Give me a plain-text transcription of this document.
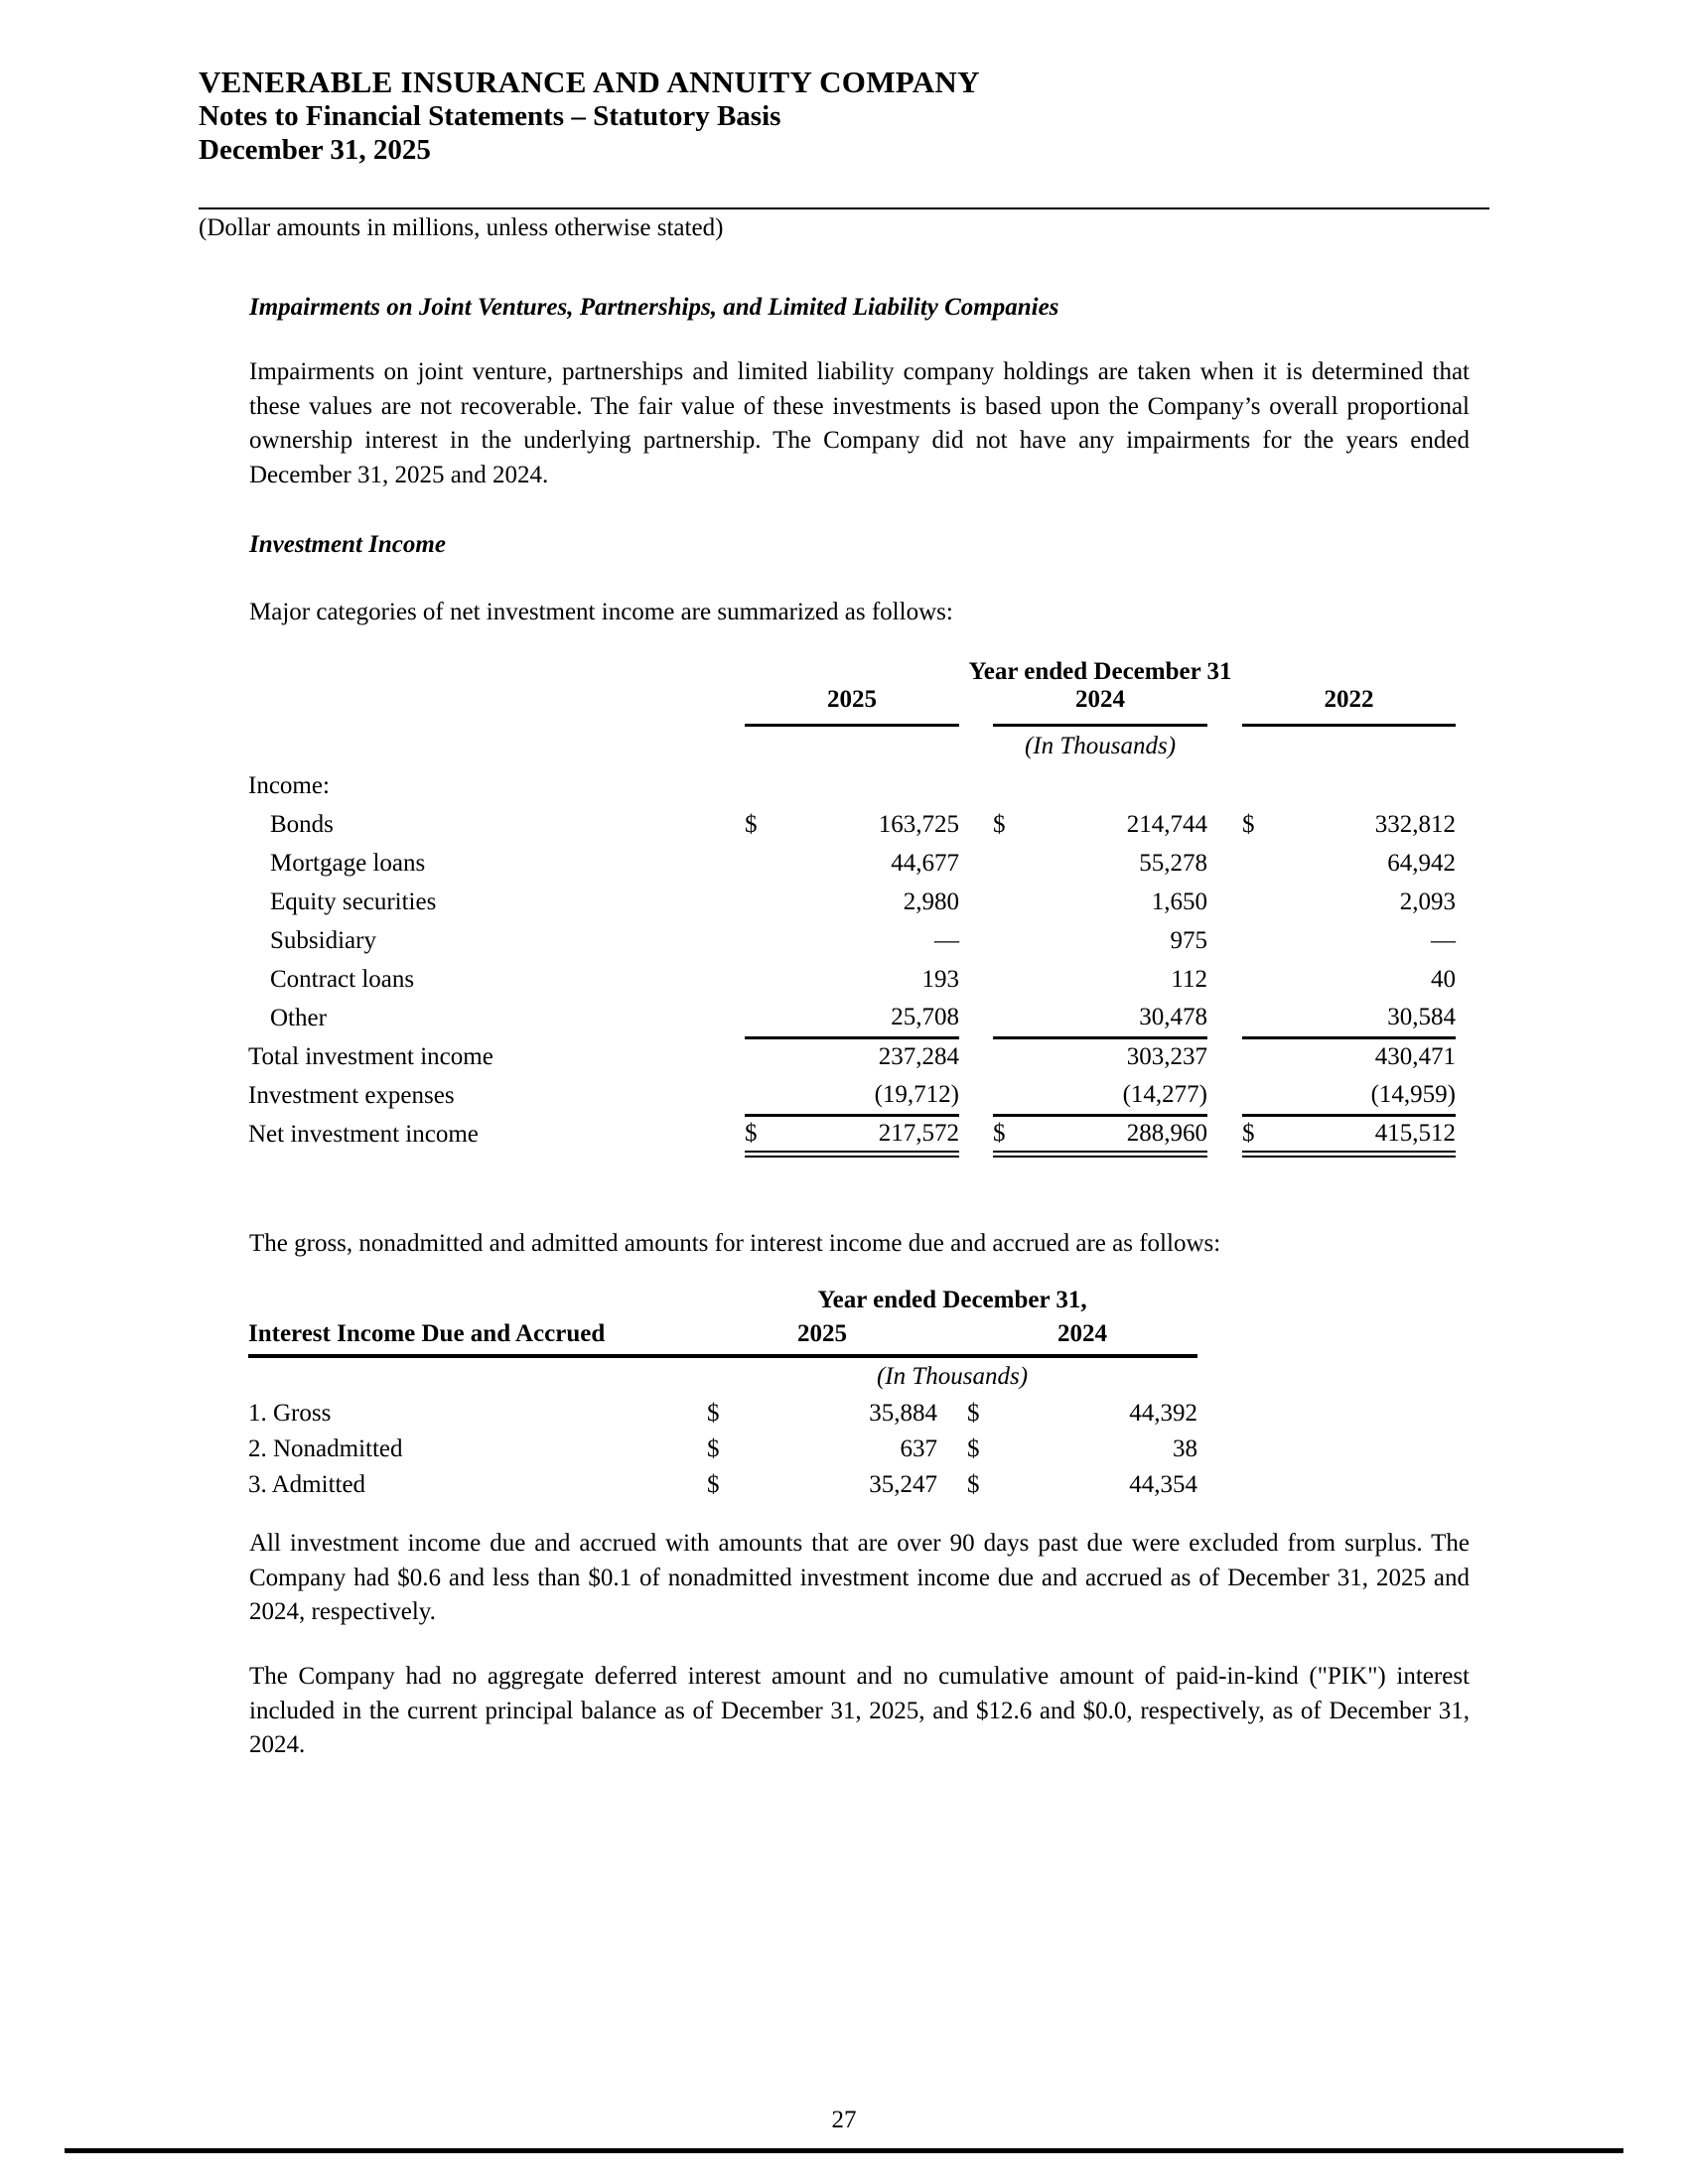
VENERABLE INSURANCE AND ANNUITY COMPANY
Notes to Financial Statements – Statutory Basis
December 31, 2025
(Dollar amounts in millions, unless otherwise stated)
Impairments on Joint Ventures, Partnerships, and Limited Liability Companies
Impairments on joint venture, partnerships and limited liability company holdings are taken when it is determined that these values are not recoverable. The fair value of these investments is based upon the Company’s overall proportional ownership interest in the underlying partnership. The Company did not have any impairments for the years ended December 31, 2025 and 2024.
Investment Income
Major categories of net investment income are summarized as follows:
	Year ended December 31							
	2025			2024			2022	
	(In Thousands)							
Income:								
Bonds	$	163,725		$	214,744		$	332,812
Mortgage loans		44,677			55,278			64,942
Equity securities		2,980			1,650			2,093
Subsidiary		—			975			—
Contract loans		193			112			40
Other		25,708			30,478			30,584
Total investment income		237,284			303,237			430,471
Investment expenses		(19,712)			(14,277)			(14,959)
Net investment income	$	217,572		$	288,960		$	415,512
The gross, nonadmitted and admitted amounts for interest income due and accrued are as follows:
	Year ended December 31,				
Interest Income Due and Accrued	2025			2024	
	(In Thousands)				
1. Gross	$	35,884		$	44,392
2. Nonadmitted	$	637		$	38
3. Admitted	$	35,247		$	44,354
All investment income due and accrued with amounts that are over 90 days past due were excluded from surplus. The Company had $0.6 and less than $0.1 of nonadmitted investment income due and accrued as of December 31, 2025 and 2024, respectively.
The Company had no aggregate deferred interest amount and no cumulative amount of paid-in-kind ("PIK") interest included in the current principal balance as of December 31, 2025, and $12.6 and $0.0, respectively, as of December 31, 2024.
27
